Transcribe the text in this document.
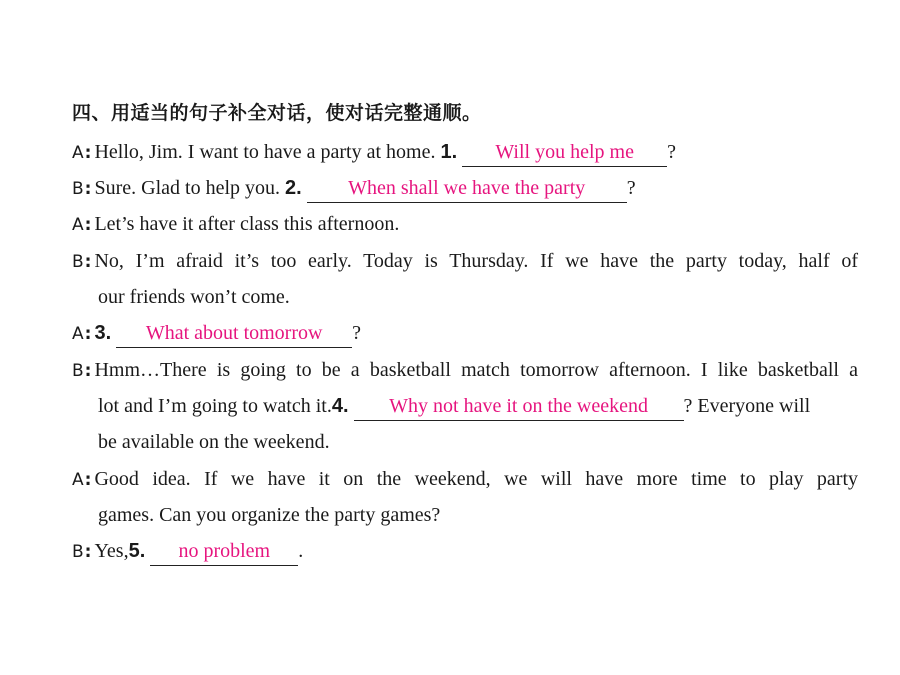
四、用适当的句子补全对话，使对话完整通顺。
A: Hello, Jim. I want to have a party at home. 1. Will you help me ?
B: Sure. Glad to help you. 2. When shall we have the party ?
A: Let’s have it after class this afternoon.
B: No, I’m afraid it’s too early. Today is Thursday. If we have the party today, half of
our friends won’t come.
A: 3. What about tomorrow ?
B: Hmm…There is going to be a basketball match tomorrow afternoon. I like basketball a
lot and I’m going to watch it.4. Why not have it on the weekend ? Everyone will
be available on the weekend.
A: Good idea. If we have it on the weekend, we will have more time to play party
games. Can you organize the party games?
B: Yes,5. no problem .
